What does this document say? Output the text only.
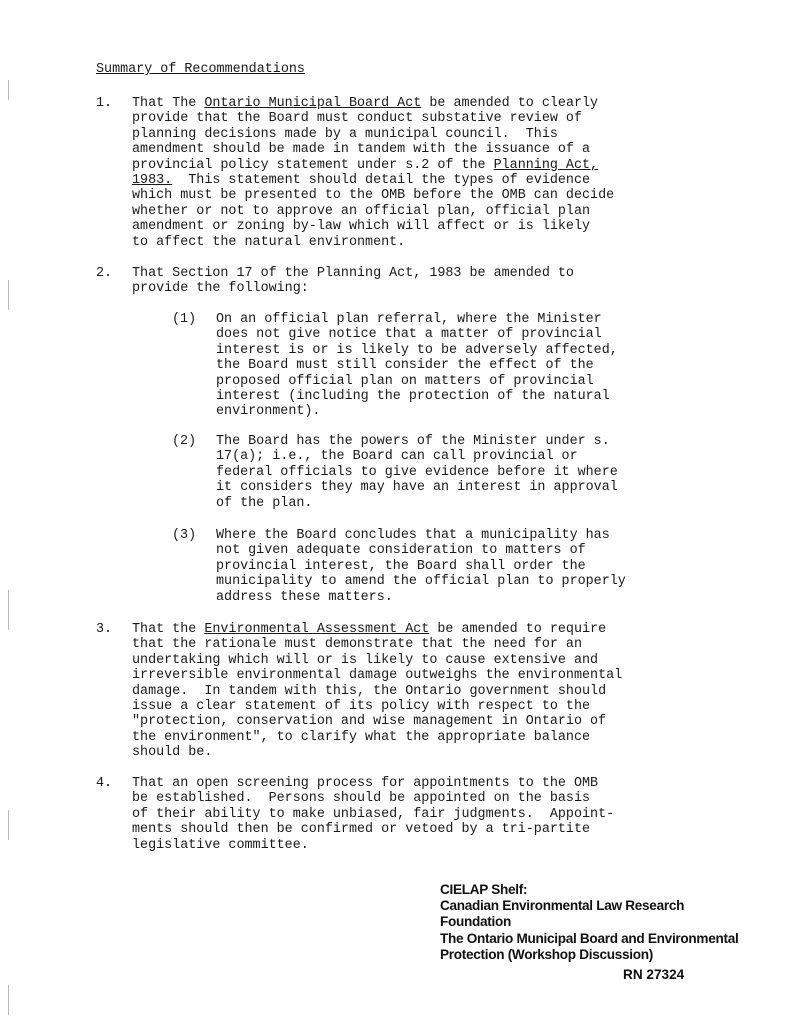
Summary of Recommendations
1. That The Ontario Municipal Board Act be amended to clearly
provide that the Board must conduct substative review of
planning decisions made by a municipal council.  This
amendment should be made in tandem with the issuance of a
provincial policy statement under s.2 of the Planning Act,
1983.  This statement should detail the types of evidence
which must be presented to the OMB before the OMB can decide
whether or not to approve an official plan, official plan
amendment or zoning by-law which will affect or is likely
to affect the natural environment.
2. That Section 17 of the Planning Act, 1983 be amended to
provide the following:
(1) On an official plan referral, where the Minister
does not give notice that a matter of provincial
interest is or is likely to be adversely affected,
the Board must still consider the effect of the
proposed official plan on matters of provincial
interest (including the protection of the natural
environment).
(2) The Board has the powers of the Minister under s.
17(a); i.e., the Board can call provincial or
federal officials to give evidence before it where
it considers they may have an interest in approval
of the plan.
(3) Where the Board concludes that a municipality has
not given adequate consideration to matters of
provincial interest, the Board shall order the
municipality to amend the official plan to properly
address these matters.
3. That the Environmental Assessment Act be amended to require
that the rationale must demonstrate that the need for an
undertaking which will or is likely to cause extensive and
irreversible environmental damage outweighs the environmental
damage.  In tandem with this, the Ontario government should
issue a clear statement of its policy with respect to the
"protection, conservation and wise management in Ontario of
the environment", to clarify what the appropriate balance
should be.
4. That an open screening process for appointments to the OMB
be established.  Persons should be appointed on the basis
of their ability to make unbiased, fair judgments.  Appoint-
ments should then be confirmed or vetoed by a tri-partite
legislative committee.
CIELAP Shelf:
Canadian Environmental Law Research
Foundation
The Ontario Municipal Board and Environmental
Protection (Workshop Discussion)
RN 27324
